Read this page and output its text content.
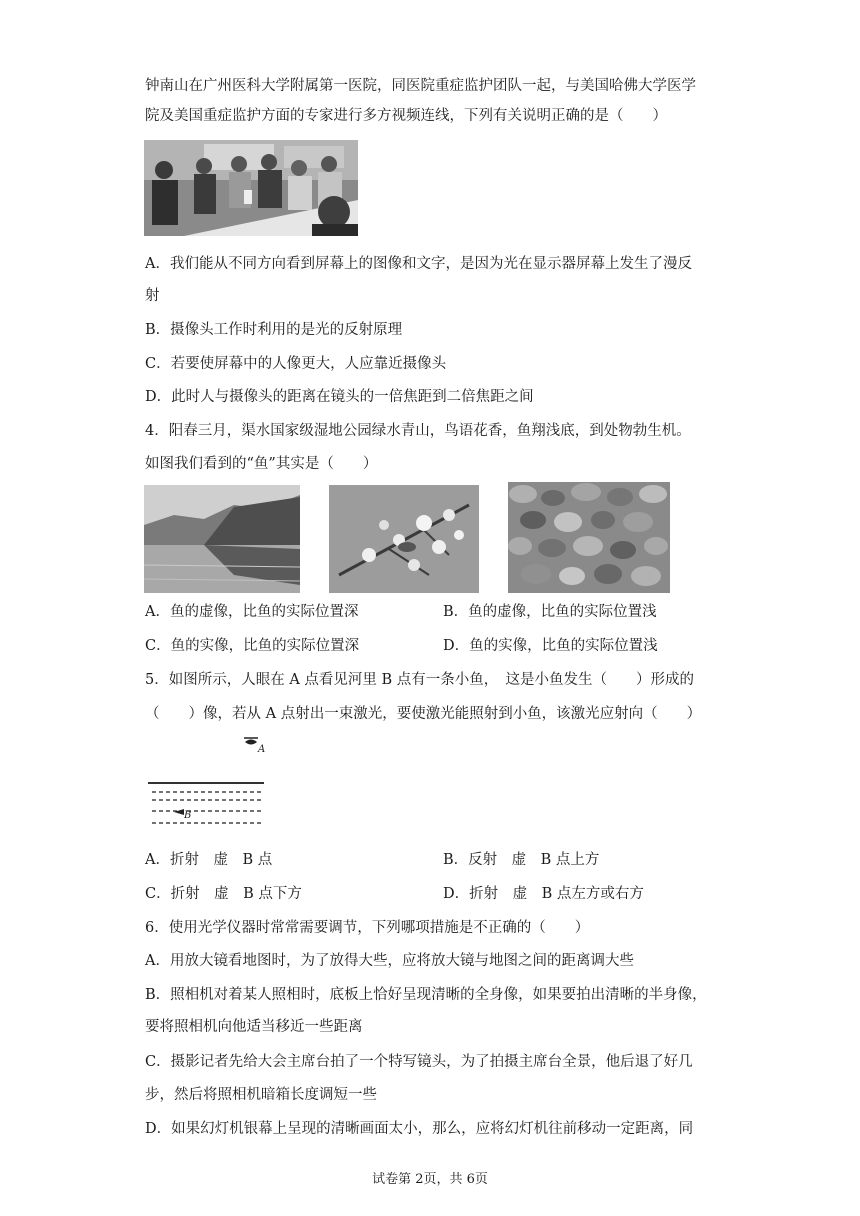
钟南山在广州医科大学附属第一医院，同医院重症监护团队一起，与美国哈佛大学医学
院及美国重症监护方面的专家进行多方视频连线，下列有关说明正确的是（　　）
A．我们能从不同方向看到屏幕上的图像和文字，是因为光在显示器屏幕上发生了漫反
射
B．摄像头工作时利用的是光的反射原理
C．若要使屏幕中的人像更大，人应靠近摄像头
D．此时人与摄像头的距离在镜头的一倍焦距到二倍焦距之间
4．阳春三月，渠水国家级湿地公园绿水青山，鸟语花香，鱼翔浅底，到处物勃生机。
如图我们看到的“鱼”其实是（　　）
A．鱼的虚像，比鱼的实际位置深	B．鱼的虚像，比鱼的实际位置浅
C．鱼的实像，比鱼的实际位置深	D．鱼的实像，比鱼的实际位置浅
5．如图所示，人眼在 A 点看见河里 B 点有一条小鱼，　这是小鱼发生（　　）形成的
（　　）像，若从 A 点射出一束激光，要使激光能照射到小鱼，该激光应射向（　　）
A
B
A．折射　虚　B 点	B．反射　虚　B 点上方
C．折射　虚　B 点下方	D．折射　虚　B 点左方或右方
6．使用光学仪器时常常需要调节，下列哪项措施是不正确的（　　）
A．用放大镜看地图时，为了放得大些，应将放大镜与地图之间的距离调大些
B．照相机对着某人照相时，底板上恰好呈现清晰的全身像，如果要拍出清晰的半身像，
要将照相机向他适当移近一些距离
C．摄影记者先给大会主席台拍了一个特写镜头，为了拍摄主席台全景，他后退了好几
步，然后将照相机暗箱长度调短一些
D．如果幻灯机银幕上呈现的清晰画面太小，那么，应将幻灯机往前移动一定距离，同
试卷第 2页，共 6页
